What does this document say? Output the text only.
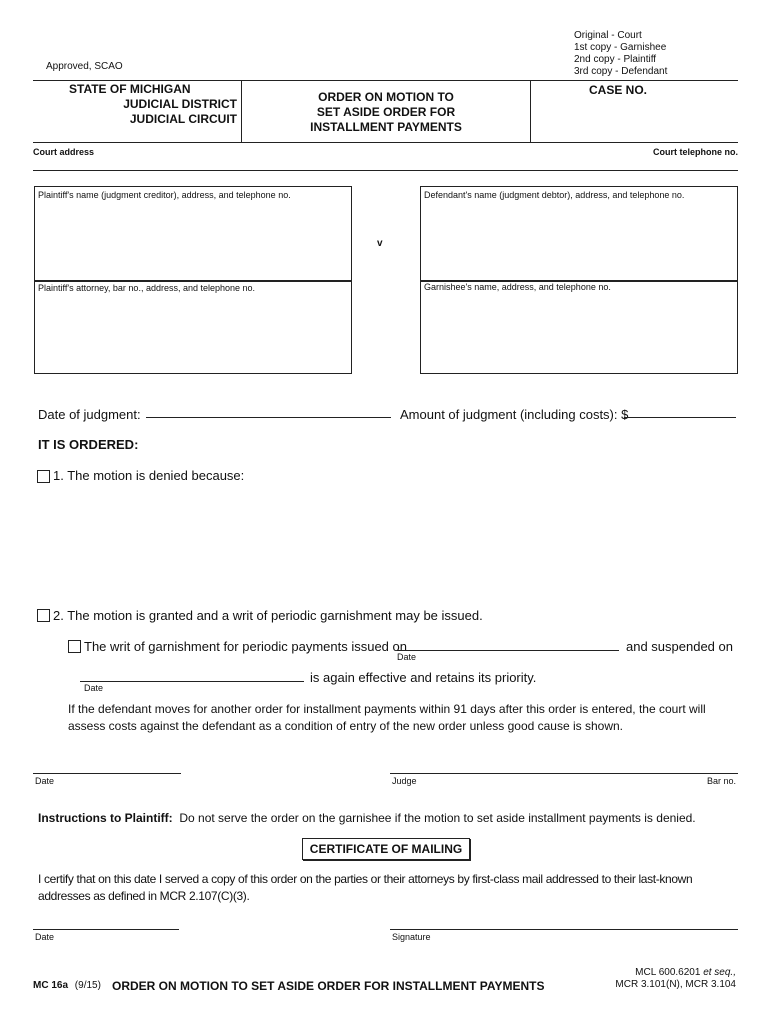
Original - Court
1st copy - Garnishee
2nd copy - Plaintiff
3rd copy - Defendant
Approved, SCAO
STATE OF MICHIGAN
JUDICIAL DISTRICT
JUDICIAL CIRCUIT
ORDER ON MOTION TO
SET ASIDE ORDER FOR
INSTALLMENT PAYMENTS
CASE NO.
Court address	Court telephone no.
Plaintiff's name (judgment creditor), address, and telephone no.
Plaintiff's attorney, bar no., address, and telephone no.
v
Defendant's name (judgment debtor), address, and telephone no.
Garnishee's name, address, and telephone no.
Date of judgment:	Amount of judgment (including costs): $
IT IS ORDERED:
1. The motion is denied because:
2. The motion is granted and a writ of periodic garnishment may be issued.
The writ of garnishment for periodic payments issued on
Date
and suspended on
Date
is again effective and retains its priority.
If the defendant moves for another order for installment payments within 91 days after this order is entered, the court will assess costs against the defendant as a condition of entry of the new order unless good cause is shown.
Date	Judge	Bar no.
Instructions to Plaintiff: Do not serve the order on the garnishee if the motion to set aside installment payments is denied.
CERTIFICATE OF MAILING
I certify that on this date I served a copy of this order on the parties or their attorneys by first-class mail addressed to their last-known addresses as defined in MCR 2.107(C)(3).
Date	Signature
MC 16a (9/15) ORDER ON MOTION TO SET ASIDE ORDER FOR INSTALLMENT PAYMENTS
MCL 600.6201 et seq.,
MCR 3.101(N), MCR 3.104
